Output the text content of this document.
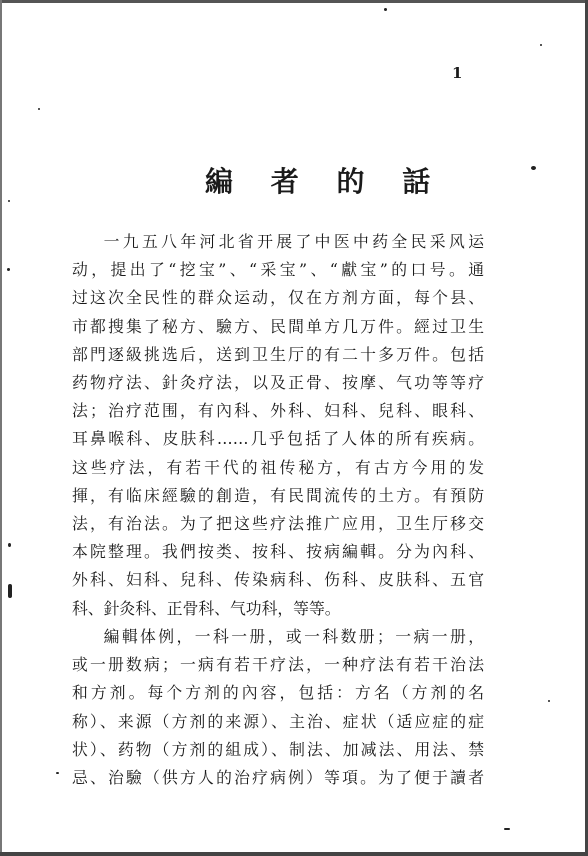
1
編 者 的 話
一九五八年河北省开展了中医中药全民采风运
动，提出了“挖宝”、“采宝”、“獻宝”的口号。通
过这次全民性的群众运动，仅在方剂方面，每个县、
市都搜集了秘方、驗方、民間单方几万件。經过卫生
部門逐級挑选后，送到卫生厅的有二十多万件。包括
药物疗法、針灸疗法，以及正骨、按摩、气功等等疗
法；治疗范围，有內科、外科、妇科、兒科、眼科、
耳鼻喉科、皮肤科……几乎包括了人体的所有疾病。
这些疗法，有若干代的祖传秘方，有古方今用的发
揮，有临床經驗的創造，有民間流传的土方。有預防
法，有治法。为了把这些疗法推广应用，卫生厅移交
本院整理。我們按类、按科、按病編輯。分为內科、
外科、妇科、兒科、传染病科、伤科、皮肤科、五官
科、針灸科、正骨科、气功科，等等。
編輯体例，一科一册，或一科数册；一病一册，
或一册数病；一病有若干疗法，一种疗法有若干治法
和方剂。每个方剂的內容，包括：方名（方剂的名
称）、来源（方剂的来源）、主治、症状（适应症的症
状）、药物（方剂的組成）、制法、加减法、用法、禁
忌、治驗（供方人的治疗病例）等項。为了便于讀者
